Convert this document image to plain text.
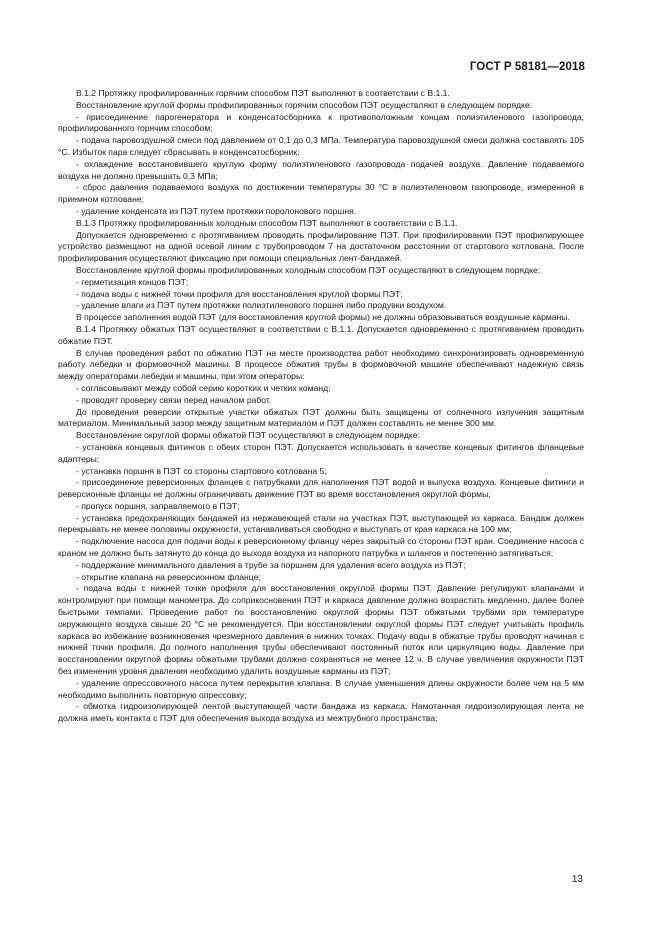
ГОСТ Р 58181—2018

В.1.2 Протяжку профилированных горячим способом ПЭТ выполняют в соответствии с В.1.1.

Восстановление круглой формы профилированных горячим способом ПЭТ осуществляют в следующем порядке:

- присоединение парогенератора и конденсатосборника к противоположным концам полиэтиленового газопровода, профилированного горячим способом;

- подача паровоздушной смеси под давлением от 0,1 до 0,3 МПа. Температура паровоздушной смеси должна составлять 105 °С. Избыток пара следует сбрасывать в конденсатосборник;

- охлаждение восстановившего круглую форму полиэтиленового газопровода подачей воздуха. Давление подаваемого воздуха не должно превышать 0,3 МПа;

- сброс давления подаваемого воздуха по достижении температуры 30 °С в полиэтиленовом газопроводе, измеренной в приемном котловане;

- удаление конденсата из ПЭТ путем протяжки поролонового поршня.

В.1.3 Протяжку профилированных холодным способом ПЭТ выполняют в соответствии с В.1.1.

Допускается одновременно с протягиванием проводить профилирование ПЭТ. При профилировании ПЭТ профилирующее устройство размещают на одной осевой линии с трубопроводом 7 на достаточном расстоянии от стартового котлована. После профилирования осуществляют фиксацию при помощи специальных лент-бандажей.

Восстановление круглой формы профилированных холодным способом ПЭТ осуществляют в следующем порядке:

- герметизация концов ПЭТ;

- подача воды с нижней точки профиля для восстановления круглой формы ПЭТ;

- удаление влаги из ПЭТ путем протяжки полиэтиленового поршня либо продувки воздухом.

В процессе заполнения водой ПЭТ (для восстановления круглой формы) не должны образовываться воздушные карманы.

В.1.4 Протяжку обжатых ПЭТ осуществляют в соответствии с В.1.1. Допускается одновременно с протягиванием проводить обжатие ПЭТ.

В случае проведения работ по обжатию ПЭТ на месте производства работ необходимо синхронизировать одновременную работу лебедки и формовочной машины. В процессе обжатия трубы в формовочной машине обеспечивают надежную связь между операторами лебедки и машины, при этом операторы:

- согласовывают между собой серию коротких и четких команд;

- проводят проверку связи перед началом работ.

До проведения реверсии открытые участки обжатых ПЭТ должны быть защищены от солнечного излучения защитным материалом. Минимальный зазор между защитным материалом и ПЭТ должен составлять не менее 300 мм.

Восстановление округлой формы обжатой ПЭТ осуществляют в следующем порядке:

- установка концевых фитингов с обеих сторон ПЭТ. Допускается использовать в качестве концевых фитингов фланцевые адаптеры;

- установка поршня в ПЭТ со стороны стартового котлована 5;

- присоединение реверсионных фланцев с патрубками для наполнения ПЭТ водой и выпуска воздуха. Концевые фитинги и реверсионные фланцы не должны ограничивать движение ПЭТ во время восстановления округлой формы;

- пропуск поршня, заправляемого в ПЭТ;

- установка предохраняющих бандажей из нержавеющей стали на участках ПЭТ, выступающей из каркаса. Бандаж должен перекрывать не менее половины окружности, устанавливаться свободно и выступать от края каркаса на 100 мм;

- подключение насоса для подачи воды к реверсионному фланцу через закрытый со стороны ПЭТ кран. Соединение насоса с краном не должно быть затянуто до конца до выхода воздуха из напорного патрубка и шлангов и постепенно затягиваться;

- поддержание минимального давления в трубе за поршнем для удаления всего воздуха из ПЭТ;

- открытие клапана на реверсионном фланце;

- подача воды с нижней точки профиля для восстановления округлой формы ПЭТ. Давление регулируют клапанами и контролируют при помощи манометра. До соприкосновения ПЭТ и каркаса давление должно возрастать медленно, далее более быстрыми темпами. Проведение работ по восстановлению округлой формы ПЭТ обжатыми трубами при температуре окружающего воздуха свыше 20 °С не рекомендуется. При восстановлении округлой формы ПЭТ следует учитывать профиль каркаса во избежание возникновения чрезмерного давления в нижних точках. Подачу воды в обжатые трубы проводят начиная с нижней точки профиля. До полного наполнения трубы обеспечивают постоянный поток или циркуляцию воды. Давление при восстановлении округлой формы обжатыми трубами должно сохраняться не менее 12 ч. В случае увеличения окружности ПЭТ без изменения уровня давления необходимо удалить воздушные карманы из ПЭТ;

- удаление опрессовочного насоса путем перекрытия клапана. В случае уменьшения длины окружности более чем на 5 мм необходимо выполнить повторную опрессовку;

- обмотка гидроизолирующей лентой выступающей части бандажа из каркаса. Намотанная гидроизолирующая лента не должна иметь контакта с ПЭТ для обеспечения выхода воздуха из межтрубного пространства;

13
